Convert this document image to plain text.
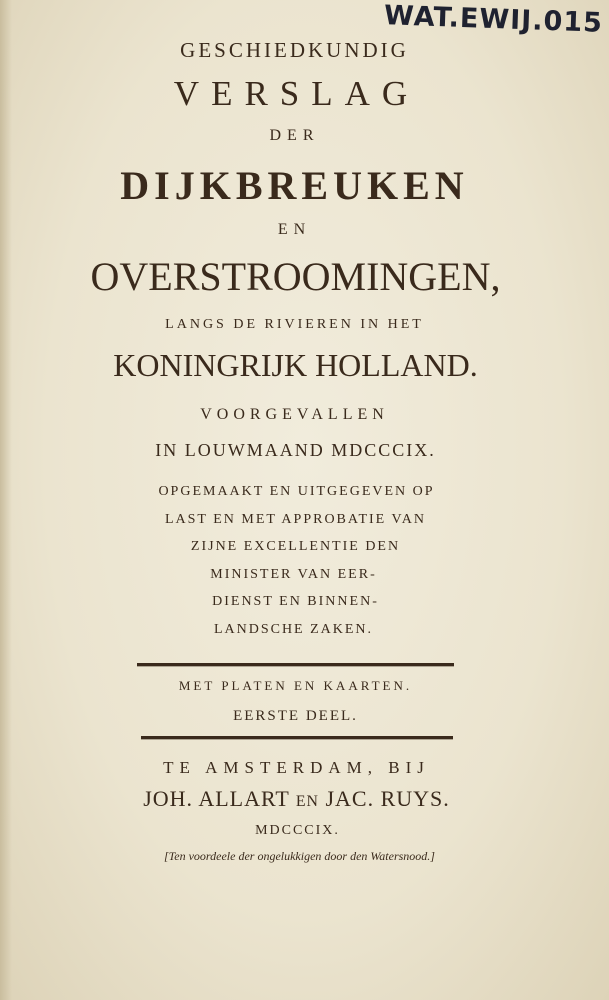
WAT.EWIJ.015
GESCHIEDKUNDIG
VERSLAG
DER
DIJKBREUKEN
EN
OVERSTROOMINGEN,
LANGS DE RIVIEREN IN HET
KONINGRIJK HOLLAND.
VOORGEVALLEN
IN LOUWMAAND MDCCCIX.
OPGEMAAKT EN UITGEGEVEN OP
LAST EN MET APPROBATIE VAN
ZIJNE EXCELLENTIE DEN
MINISTER VAN EER-
DIENST EN BINNEN-
LANDSCHE ZAKEN.
MET PLATEN EN KAARTEN.
EERSTE DEEL.
TE AMSTERDAM, BIJ
JOH. ALLART EN JAC. RUYS.
MDCCCIX.
[Ten voordeele der ongelukkigen door den Watersnood.]
